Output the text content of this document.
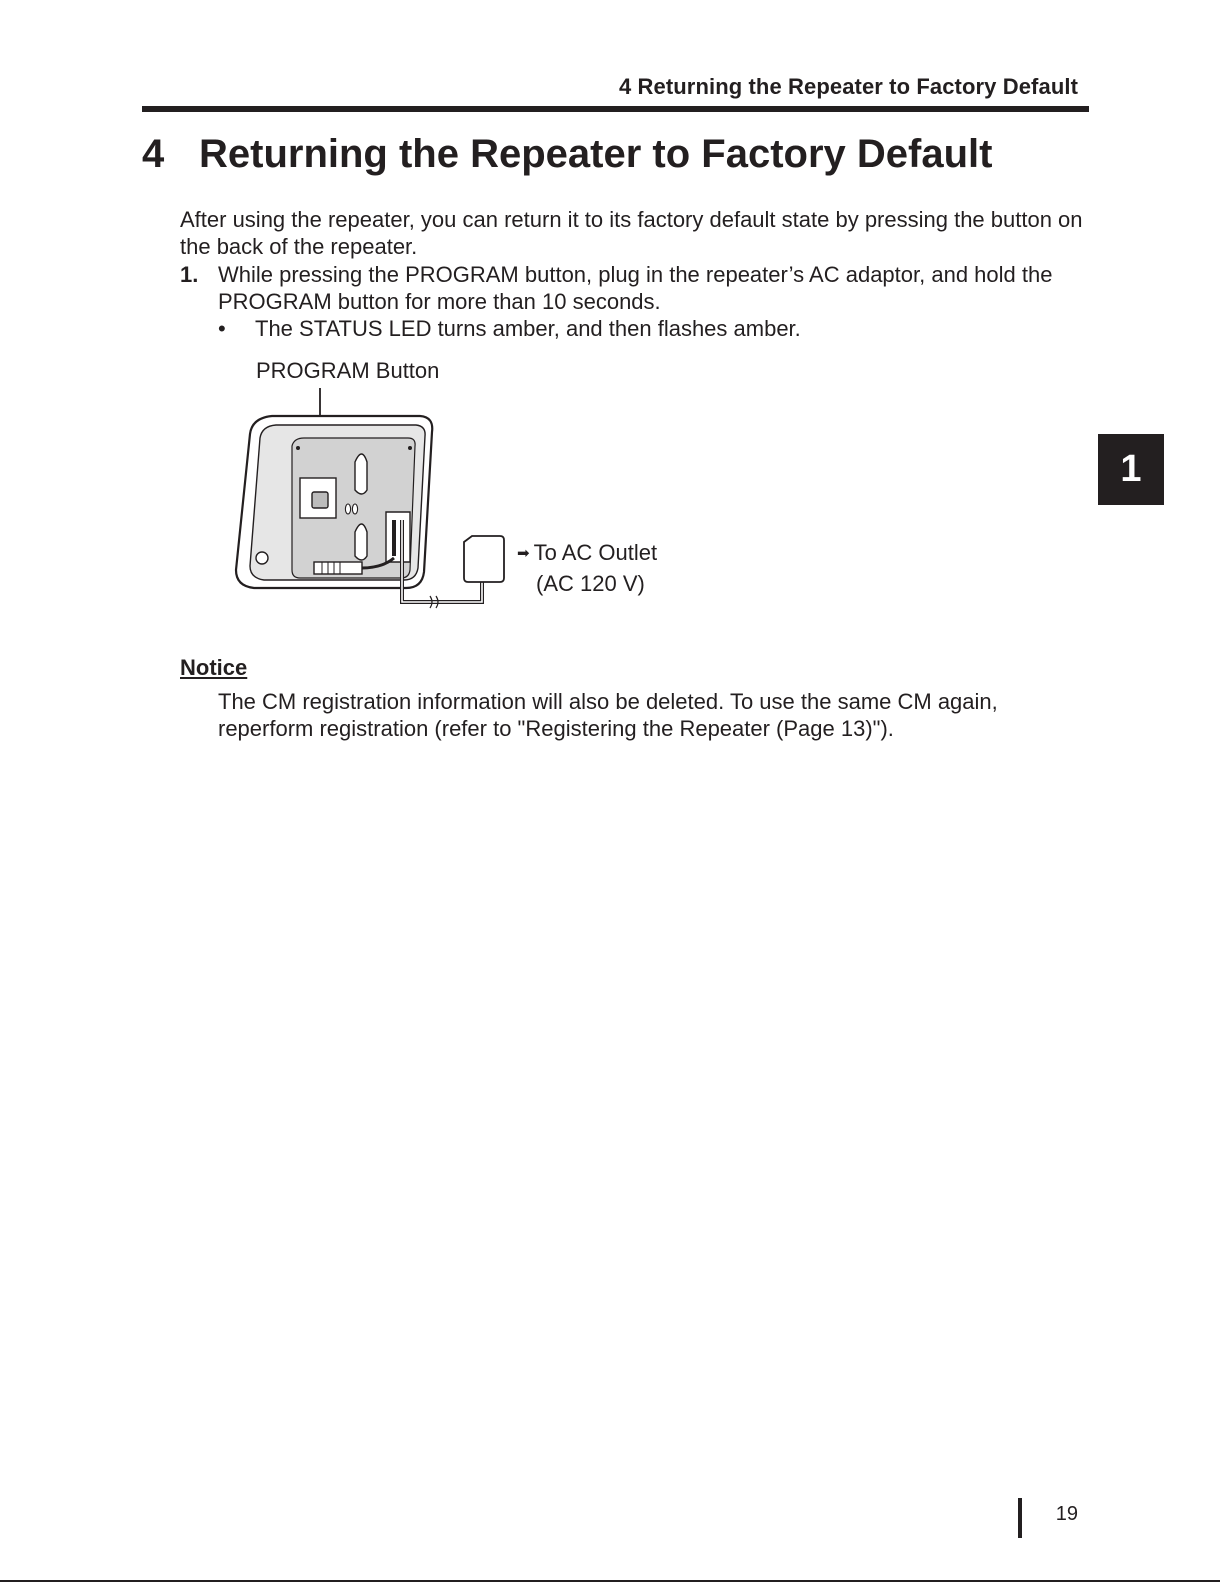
4 Returning the Repeater to Factory Default
4 Returning the Repeater to Factory Default
After using the repeater, you can return it to its factory default state by pressing the button on the back of the repeater.
1. While pressing the PROGRAM button, plug in the repeater’s AC adaptor, and hold the PROGRAM button for more than 10 seconds.
• The STATUS LED turns amber, and then flashes amber.
PROGRAM Button
➡ To AC Outlet
(AC 120 V)
Notice
The CM registration information will also be deleted. To use the same CM again, reperform registration (refer to "Registering the Repeater (Page 13)").
1
19
